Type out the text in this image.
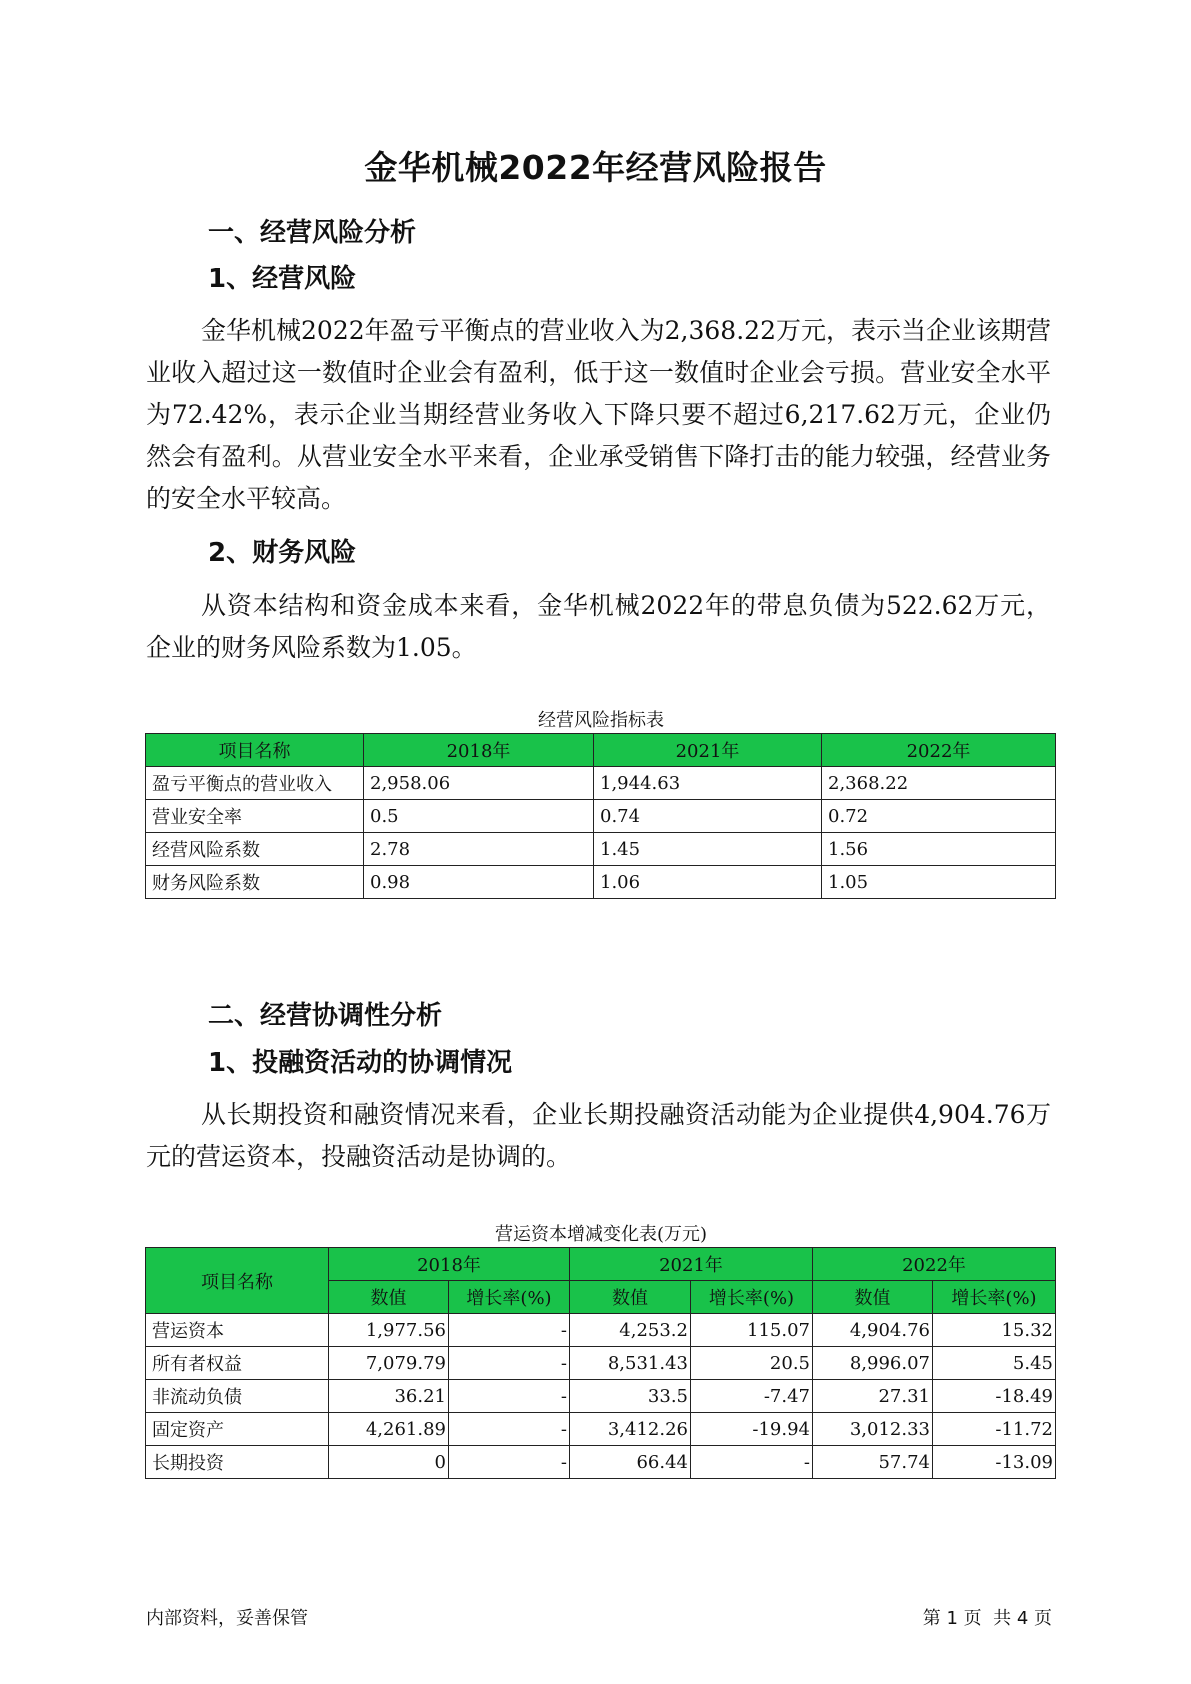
金华机械2022年经营风险报告
一、经营风险分析
1、经营风险
金华机械2022年盈亏平衡点的营业收入为2,368.22万元，表示当企业该期营业收入超过这一数值时企业会有盈利，低于这一数值时企业会亏损。营业安全水平为72.42%，表示企业当期经营业务收入下降只要不超过6,217.62万元，企业仍然会有盈利。从营业安全水平来看，企业承受销售下降打击的能力较强，经营业务的安全水平较高。
2、财务风险
从资本结构和资金成本来看，金华机械2022年的带息负债为522.62万元，企业的财务风险系数为1.05。
经营风险指标表
项目名称	2018年	2021年	2022年
盈亏平衡点的营业收入	2,958.06	1,944.63	2,368.22
营业安全率	0.5	0.74	0.72
经营风险系数	2.78	1.45	1.56
财务风险系数	0.98	1.06	1.05
二、经营协调性分析
1、投融资活动的协调情况
从长期投资和融资情况来看，企业长期投融资活动能为企业提供4,904.76万元的营运资本，投融资活动是协调的。
营运资本增减变化表(万元)
项目名称	2018年		2021年		2022年	
	数值	增长率(%)	数值	增长率(%)	数值	增长率(%)
营运资本	1,977.56	-	4,253.2	115.07	4,904.76	15.32
所有者权益	7,079.79	-	8,531.43	20.5	8,996.07	5.45
非流动负债	36.21	-	33.5	-7.47	27.31	-18.49
固定资产	4,261.89	-	3,412.26	-19.94	3,012.33	-11.72
长期投资	0	-	66.44	-	57.74	-13.09
内部资料，妥善保管	第 1 页  共 4 页
